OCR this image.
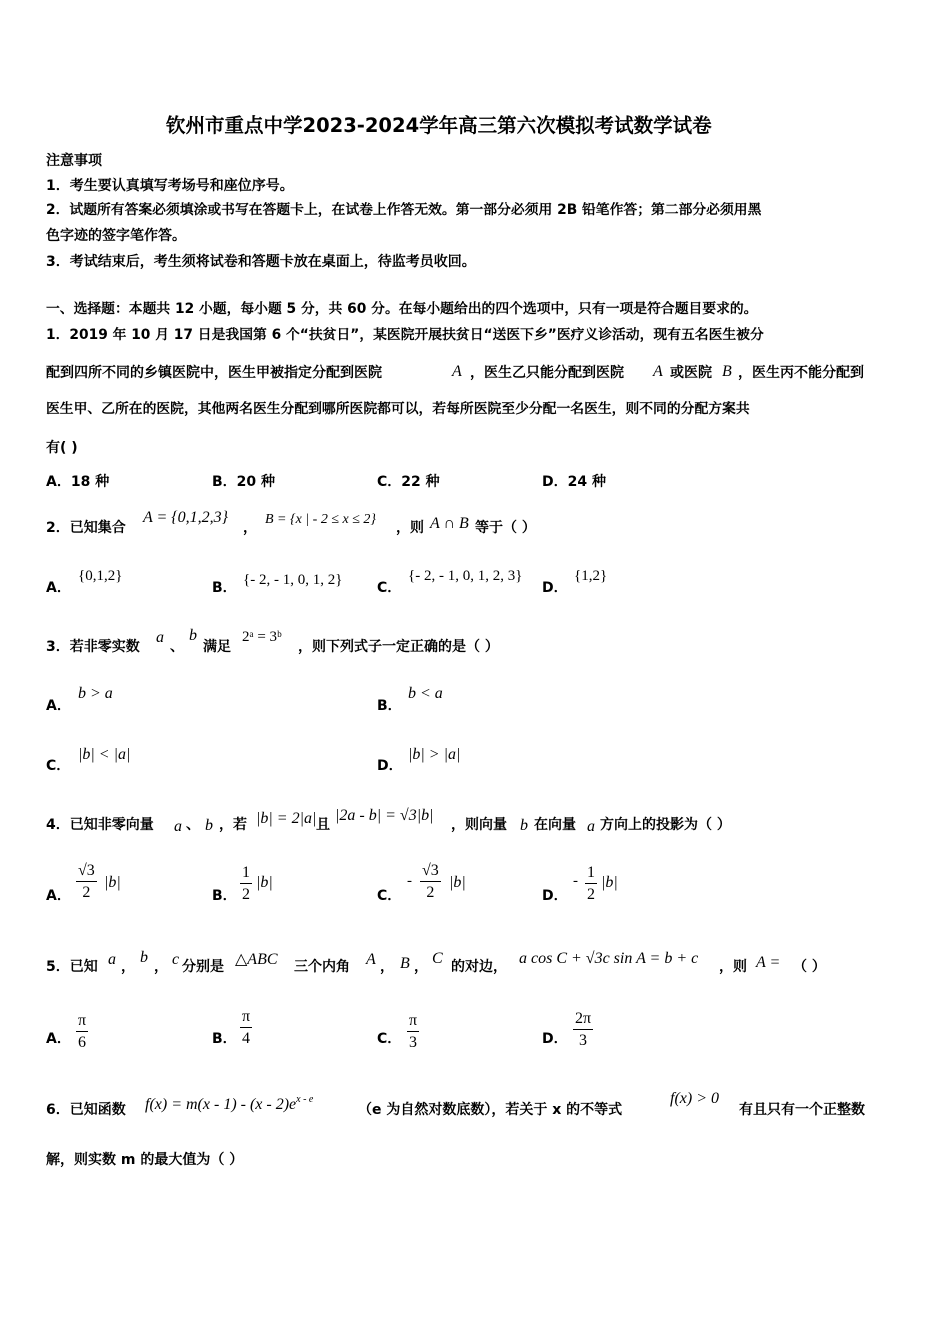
钦州市重点中学2023-2024学年高三第六次模拟考试数学试卷
注意事项
1．考生要认真填写考场号和座位序号。
2．试题所有答案必须填涂或书写在答题卡上，在试卷上作答无效。第一部分必须用 2B 铅笔作答；第二部分必须用黑
色字迹的签字笔作答。
3．考试结束后，考生须将试卷和答题卡放在桌面上，待监考员收回。
一、选择题：本题共 12 小题，每小题 5 分，共 60 分。在每小题给出的四个选项中，只有一项是符合题目要求的。
1．2019 年 10 月 17 日是我国第 6 个“扶贫日”，某医院开展扶贫日“送医下乡”医疗义诊活动，现有五名医生被分
配到四所不同的乡镇医院中，医生甲被指定分配到医院	A ，医生乙只能分配到医院 A 或医院 B ，医生丙不能分配到
医生甲、乙所在的医院，其他两名医生分配到哪所医院都可以，若每所医院至少分配一名医生，则不同的分配方案共
有( )
A．18 种	B．20 种	C．22 种	D．24 种
2．已知集合
A = {0,1,2,3}
，
B = {x | - 2 ≤ x ≤ 2}
，则 A ∩ B 等于（ ）
A．
{0,1,2}
B． {- 2, - 1, 0, 1, 2} C．
{- 2, - 1, 0, 1, 2, 3}
D．
{1,2}
3．若非零实数
a
、
b
满足
2ᵃ = 3ᵇ
，则下列式子一定正确的是（ ）
A．
b > a
B．
b < a
C．
|b| < |a|
D．
|b| > |a|
4．已知非零向量 a 、 b ，若 |b| = 2|a| 且
|2a - b| = √3|b|
，则向量 b 在向量 a 方向上的投影为（ ）
A． $\frac{√3}{2} |b|$
B． $\frac{1}{2} |b|$
C．
- $\frac{√3}{2} |b|$
D．
- $\frac{1}{2} |b|$
5．已知 a ，
b
， c 分别是 △ABC 三个内角 A ， B ， C 的对边， a cos C + √3c sin A = b + c ，则 A = （ ）
A． $\frac{\pi}{6}$	B． $\frac{\pi}{4}$	C． $\frac{\pi}{3}$	D． $\frac{2\pi}{3}$
6．已知函数 $f(x) = m(x - 1) - (x - 2)e^{x - e}$
（e 为自然对数底数），若关于 x 的不等式
f(x) > 0
有且只有一个正整数
解，则实数 m 的最大值为（ ）
